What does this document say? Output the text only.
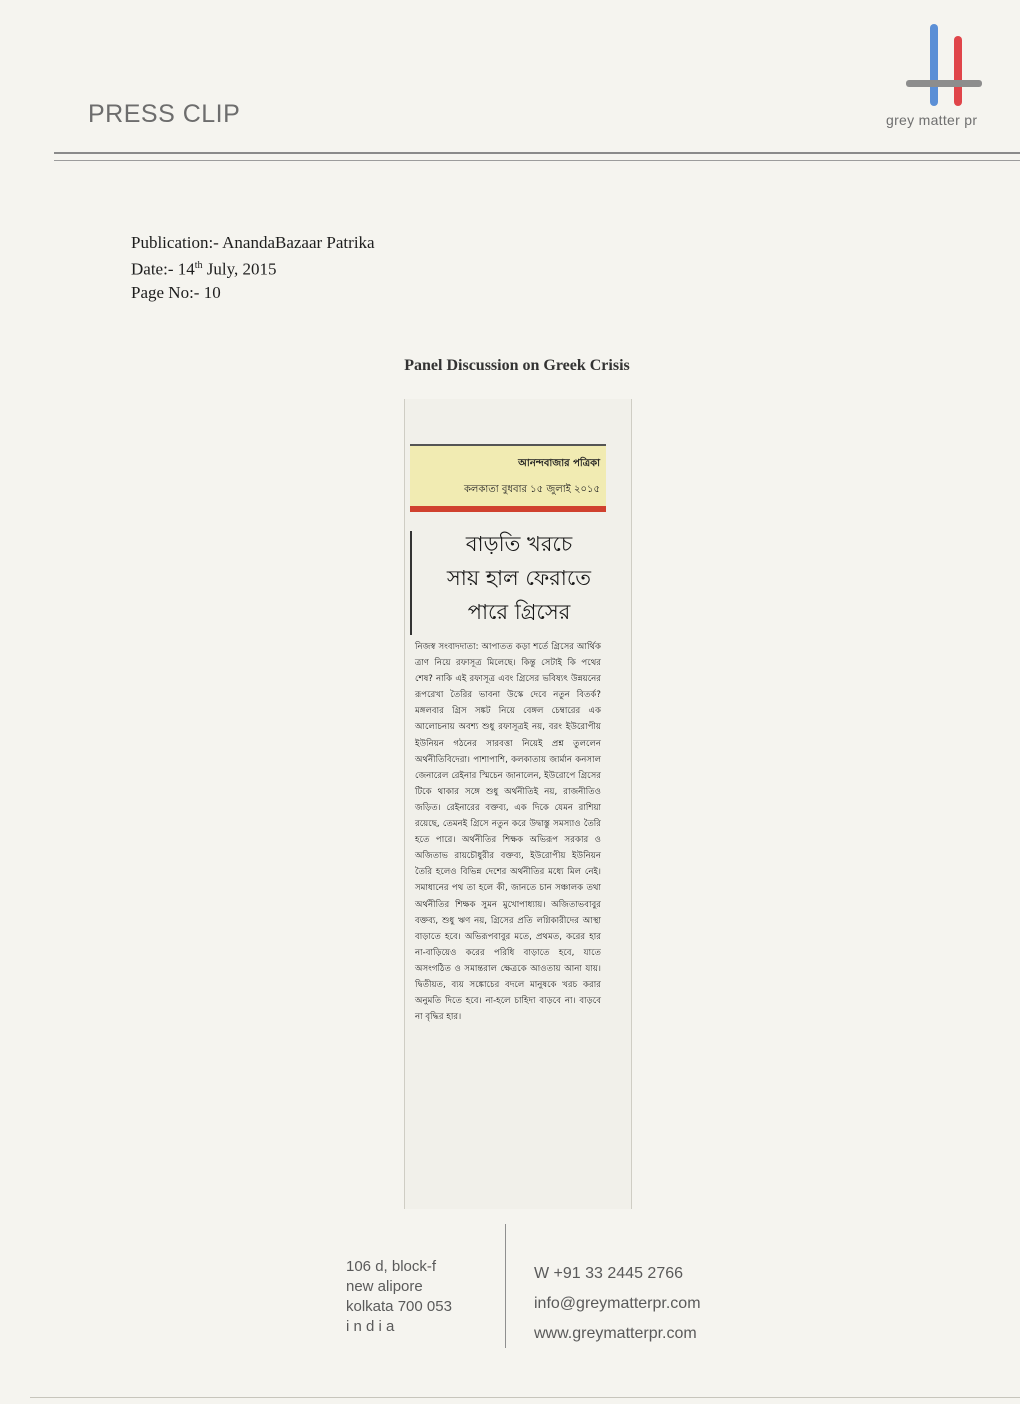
PRESS CLIP	grey matter pr
Publication:- AnandaBazaar Patrika
Date:- 14th July, 2015
Page No:- 10
Panel Discussion on Greek Crisis
আনন্দবাজার পত্রিকা
কলকাতা বুধবার ১৫ জুলাই ২০১৫
বাড়তি খরচে
সায় হাল ফেরাতে
পারে গ্রিসের
নিজস্ব সংবাদদাতা: আপাতত কড়া শর্তে গ্রিসের আর্থিক ত্রাণ নিয়ে রফাসূত্র মিলেছে। কিন্তু সেটাই কি পথের শেষ? নাকি এই রফাসূত্র এবং গ্রিসের ভবিষ্যৎ উন্নয়নের রূপরেখা তৈরির ভাবনা উস্কে দেবে নতুন বিতর্ক? মঙ্গলবার গ্রিস সঙ্কট নিয়ে বেঙ্গল চেম্বারের এক আলোচনায় অবশ্য শুধু রফাসূত্রই নয়, বরং ইউরোপীয় ইউনিয়ন গঠনের সারবত্তা নিয়েই প্রশ্ন তুললেন অর্থনীতিবিদেরা। পাশাপাশি, কলকাতায় জার্মান কনসাল জেনারেল রেইনার স্মিচেন জানালেন, ইউরোপে গ্রিসের টিকে থাকার সঙ্গে শুধু অর্থনীতিই নয়, রাজনীতিও জড়িত। রেইনারের বক্তব্য, এক দিকে যেমন রাশিয়া রয়েছে, তেমনই গ্রিসে নতুন করে উদ্বাস্তু সমস্যাও তৈরি হতে পারে। অর্থনীতির শিক্ষক অভিরূপ সরকার ও অজিতাভ রায়চৌধুরীর বক্তব্য, ইউরোপীয় ইউনিয়ন তৈরি হলেও বিভিন্ন দেশের অর্থনীতির মধ্যে মিল নেই। সমাধানের পথ তা হলে কী, জানতে চান সঞ্চালক তথা অর্থনীতির শিক্ষক সুমন মুখোপাধ্যায়। অজিতাভবাবুর বক্তব্য, শুধু ঋণ নয়, গ্রিসের প্রতি লগ্নিকারীদের আস্থা বাড়াতে হবে। অভিরূপবাবুর মতে, প্রথমত, করের হার না-বাড়িয়েও করের পরিধি বাড়াতে হবে, যাতে অসংগঠিত ও সমান্তরাল ক্ষেত্রকে আওতায় আনা যায়। দ্বিতীয়ত, ব্যয় সঙ্কোচের বদলে মানুষকে খরচ করার অনুমতি দিতে হবে। না-হলে চাহিদা বাড়বে না। বাড়বে না বৃদ্ধির হার।
106 d, block-f
new alipore
kolkata 700 053
i n d i a
W +91 33 2445 2766
info@greymatterpr.com
www.greymatterpr.com
